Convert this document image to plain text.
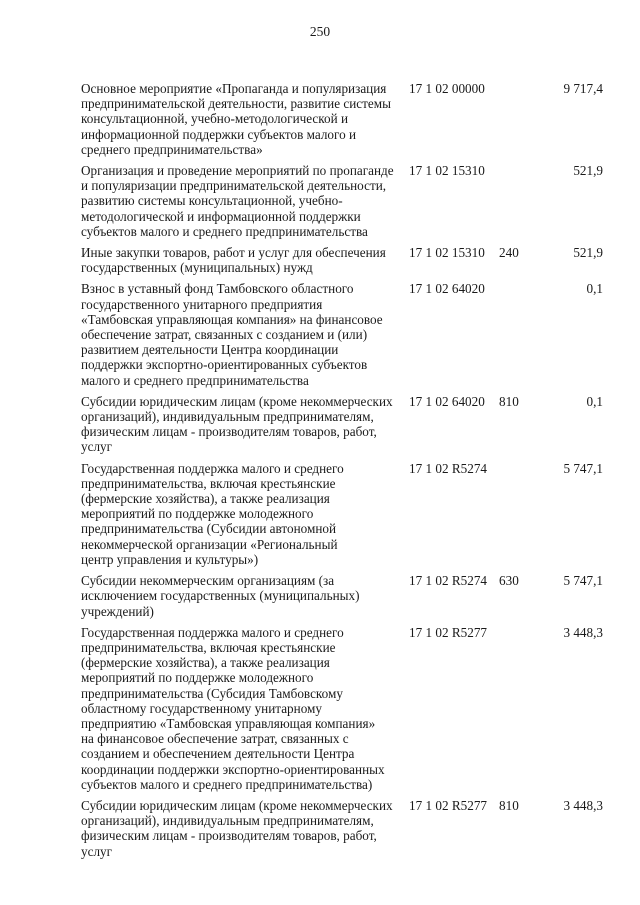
250
Основное мероприятие «Пропаганда и популяризация
предпринимательской деятельности, развитие системы
консультационной, учебно-методологической и
информационной поддержки субъектов малого и
среднего предпринимательства»
17 1 02 00000	9 717,4
Организация и проведение мероприятий по пропаганде
и популяризации предпринимательской деятельности,
развитию системы консультационной, учебно-
методологической и информационной поддержки
субъектов малого и среднего предпринимательства
17 1 02 15310	521,9
Иные закупки товаров, работ и услуг для обеспечения
государственных (муниципальных) нужд
17 1 02 15310	240	521,9
Взнос в уставный фонд Тамбовского областного
государственного унитарного предприятия
«Тамбовская управляющая компания» на финансовое
обеспечение затрат, связанных с созданием и (или)
развитием деятельности Центра координации
поддержки экспортно-ориентированных субъектов
малого и среднего предпринимательства
17 1 02 64020	0,1
Субсидии юридическим лицам (кроме некоммерческих
организаций), индивидуальным предпринимателям,
физическим лицам - производителям товаров, работ,
услуг
17 1 02 64020	810	0,1
Государственная поддержка малого и среднего
предпринимательства, включая крестьянские
(фермерские хозяйства), а также реализация
мероприятий по поддержке молодежного
предпринимательства (Субсидии автономной
некоммерческой организации «Региональный
центр управления и культуры»)
17 1 02 R5274	5 747,1
Субсидии некоммерческим организациям (за
исключением государственных (муниципальных)
учреждений)
17 1 02 R5274 630	5 747,1
Государственная поддержка малого и среднего
предпринимательства, включая крестьянские
(фермерские хозяйства), а также реализация
мероприятий по поддержке молодежного
предпринимательства (Субсидия Тамбовскому
областному государственному унитарному
предприятию «Тамбовская управляющая компания»
на финансовое обеспечение затрат, связанных с
созданием и обеспечением деятельности Центра
координации поддержки экспортно-ориентированных
субъектов малого и среднего предпринимательства)
17 1 02 R5277	3 448,3
Субсидии юридическим лицам (кроме некоммерческих
организаций), индивидуальным предпринимателям,
физическим лицам - производителям товаров, работ,
услуг
17 1 02 R5277 810	3 448,3
